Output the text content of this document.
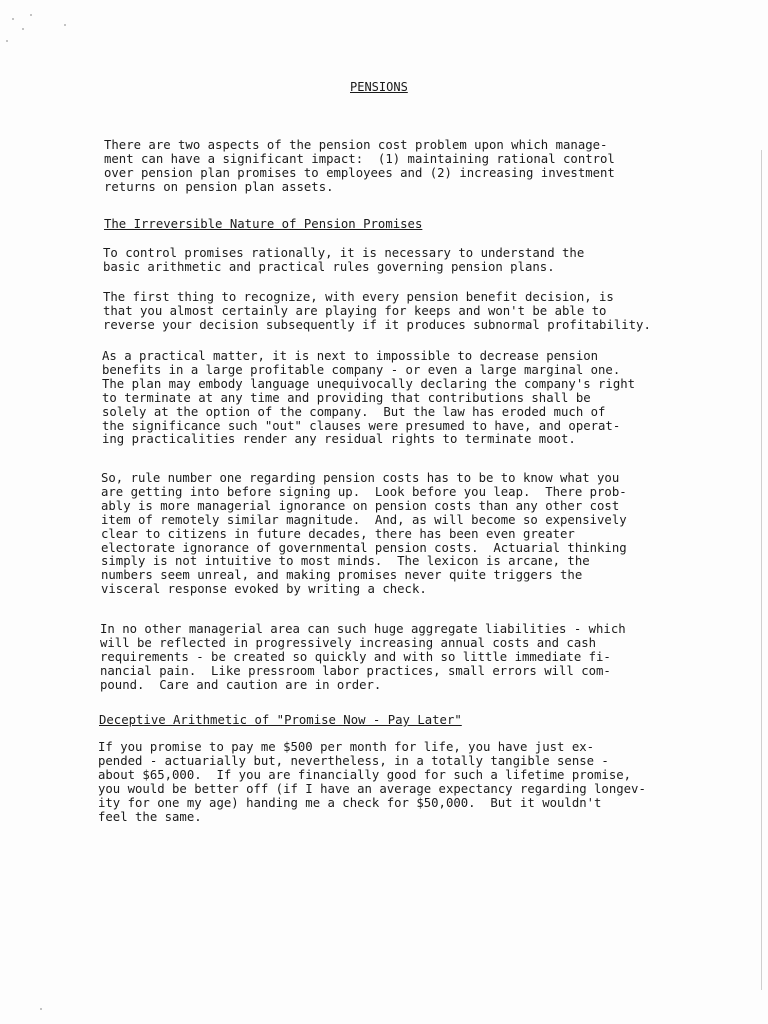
PENSIONS

There are two aspects of the pension cost problem upon which manage-
ment can have a significant impact:  (1) maintaining rational control
over pension plan promises to employees and (2) increasing investment
returns on pension plan assets.

The Irreversible Nature of Pension Promises

To control promises rationally, it is necessary to understand the
basic arithmetic and practical rules governing pension plans.

The first thing to recognize, with every pension benefit decision, is
that you almost certainly are playing for keeps and won't be able to
reverse your decision subsequently if it produces subnormal profitability.

As a practical matter, it is next to impossible to decrease pension
benefits in a large profitable company - or even a large marginal one.
The plan may embody language unequivocally declaring the company's right
to terminate at any time and providing that contributions shall be
solely at the option of the company.  But the law has eroded much of
the significance such "out" clauses were presumed to have, and operat-
ing practicalities render any residual rights to terminate moot.

So, rule number one regarding pension costs has to be to know what you
are getting into before signing up.  Look before you leap.  There prob-
ably is more managerial ignorance on pension costs than any other cost
item of remotely similar magnitude.  And, as will become so expensively
clear to citizens in future decades, there has been even greater
electorate ignorance of governmental pension costs.  Actuarial thinking
simply is not intuitive to most minds.  The lexicon is arcane, the
numbers seem unreal, and making promises never quite triggers the
visceral response evoked by writing a check.

In no other managerial area can such huge aggregate liabilities - which
will be reflected in progressively increasing annual costs and cash
requirements - be created so quickly and with so little immediate fi-
nancial pain.  Like pressroom labor practices, small errors will com-
pound.  Care and caution are in order.

Deceptive Arithmetic of "Promise Now - Pay Later"

If you promise to pay me $500 per month for life, you have just ex-
pended - actuarially but, nevertheless, in a totally tangible sense -
about $65,000.  If you are financially good for such a lifetime promise,
you would be better off (if I have an average expectancy regarding longev-
ity for one my age) handing me a check for $50,000.  But it wouldn't
feel the same.
